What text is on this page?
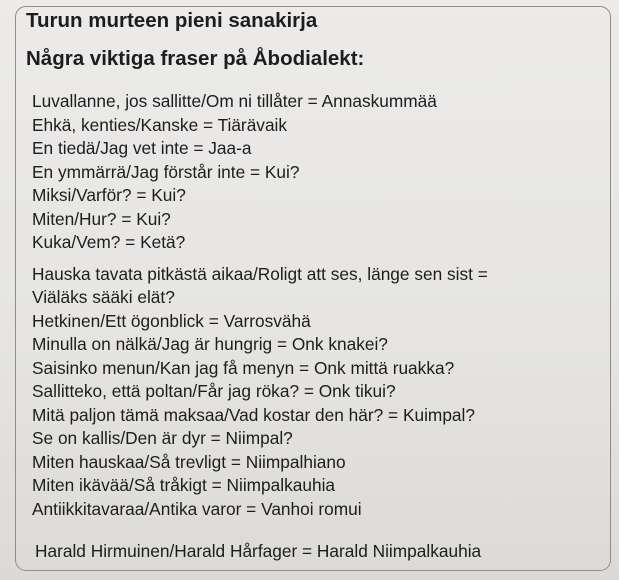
Turun murteen pieni sanakirja
Några viktiga fraser på Åbodialekt:
Luvallanne, jos sallitte/Om ni tillåter = Annaskummää
Ehkä, kenties/Kanske = Tiärävaik
En tiedä/Jag vet inte = Jaa-a
En ymmärrä/Jag förstår inte = Kui?
Miksi/Varför? = Kui?
Miten/Hur? = Kui?
Kuka/Vem? = Ketä?
Hauska tavata pitkästä aikaa/Roligt att ses, länge sen sist =
Viäläks sääki elät?
Hetkinen/Ett ögonblick = Varrosvähä
Minulla on nälkä/Jag är hungrig = Onk knakei?
Saisinko menun/Kan jag få menyn = Onk mittä ruakka?
Sallitteko, että poltan/Får jag röka? = Onk tikui?
Mitä paljon tämä maksaa/Vad kostar den här? = Kuimpal?
Se on kallis/Den är dyr = Niimpal?
Miten hauskaa/Så trevligt = Niimpalhiano
Miten ikävää/Så tråkigt = Niimpalkauhia
Antiikkitavaraa/Antika varor = Vanhoi romui
Harald Hirmuinen/Harald Hårfager = Harald Niimpalkauhia
